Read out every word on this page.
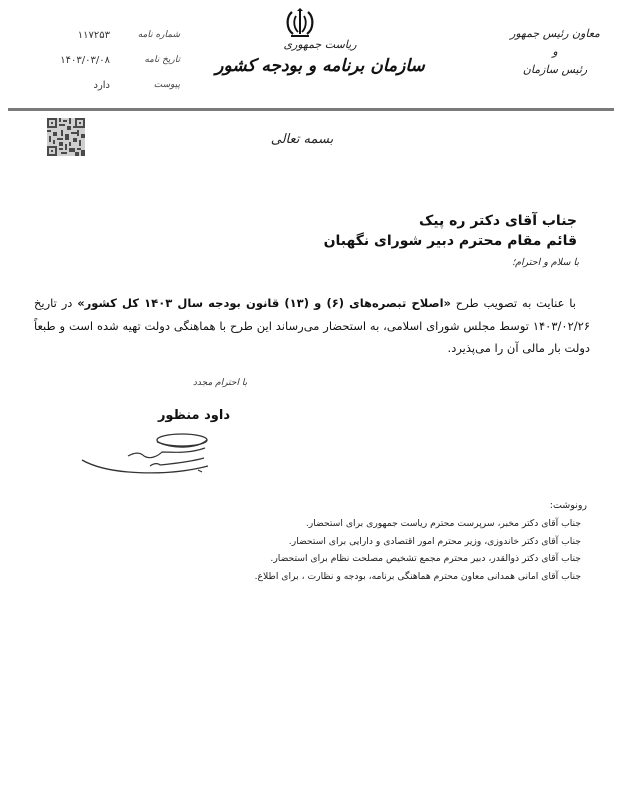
شماره نامه
۱۱۷۲۵۳
تاریخ نامه
۱۴۰۳/۰۳/۰۸
پیوست
دارد
ریاست جمهوری
سازمان برنامه و بودجه کشور
معاون رئیس جمهور
و
رئیس سازمان
بسمه تعالی
جناب آقای دکتر ره پیک
قائم مقام محترم دبیر شورای نگهبان
با سلام و احترام؛
با عنایت به تصویب طرح «اصلاح تبصره‌های (۶) و (۱۳) قانون بودجه سال ۱۴۰۳ کل کشور» در تاریخ ۱۴۰۳/۰۲/۲۶ توسط مجلس شورای اسلامی، به استحضار می‌رساند این طرح با هماهنگی دولت تهیه شده است و طبعاً دولت بار مالی آن را می‌پذیرد.
با احترام مجدد
داود منظور
رونوشت:
جناب آقای دکتر مخبر، سرپرست محترم ریاست جمهوری برای استحضار.
جناب آقای دکتر خاندوزی، وزیر محترم امور اقتصادی و دارایی برای استحضار.
جناب آقای دکتر ذوالقدر، دبیر محترم مجمع تشخیص مصلحت نظام برای استحضار.
جناب آقای امانی همدانی معاون محترم هماهنگی برنامه، بودجه و نظارت ، برای اطلاع.
